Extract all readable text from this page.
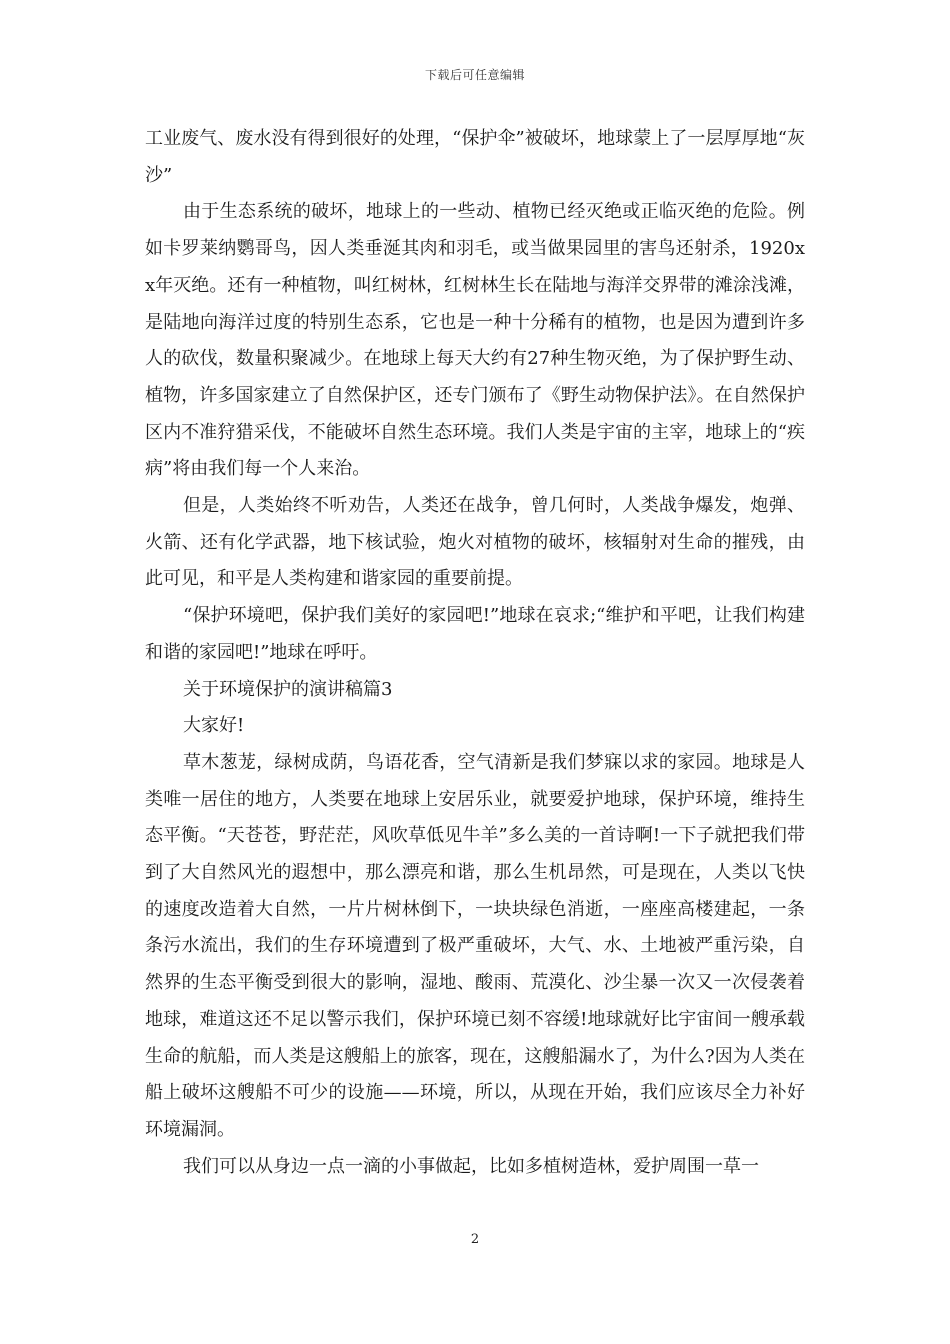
下载后可任意编辑

工业废气、废水没有得到很好的处理，“保护伞”被破坏，地球蒙上了一层厚厚地“灰沙”

由于生态系统的破坏，地球上的一些动、植物已经灭绝或正临灭绝的危险。例如卡罗莱纳鹦哥鸟，因人类垂涎其肉和羽毛，或当做果园里的害鸟还射杀，1920xx年灭绝。还有一种植物，叫红树林，红树林生长在陆地与海洋交界带的滩涂浅滩，是陆地向海洋过度的特别生态系，它也是一种十分稀有的植物，也是因为遭到许多人的砍伐，数量积聚减少。在地球上每天大约有27种生物灭绝，为了保护野生动、植物，许多国家建立了自然保护区，还专门颁布了《野生动物保护法》。在自然保护区内不准狩猎采伐，不能破坏自然生态环境。我们人类是宇宙的主宰，地球上的“疾病”将由我们每一个人来治。

但是，人类始终不听劝告，人类还在战争，曾几何时，人类战争爆发，炮弹、火箭、还有化学武器，地下核试验，炮火对植物的破坏，核辐射对生命的摧残，由此可见，和平是人类构建和谐家园的重要前提。

“保护环境吧，保护我们美好的家园吧!”地球在哀求;“维护和平吧，让我们构建和谐的家园吧!”地球在呼吁。

关于环境保护的演讲稿篇3

大家好!

草木葱茏，绿树成荫，鸟语花香，空气清新是我们梦寐以求的家园。地球是人类唯一居住的地方，人类要在地球上安居乐业，就要爱护地球，保护环境，维持生态平衡。“天苍苍，野茫茫，风吹草低见牛羊”多么美的一首诗啊!一下子就把我们带到了大自然风光的遐想中，那么漂亮和谐，那么生机昂然，可是现在，人类以飞快的速度改造着大自然，一片片树林倒下，一块块绿色消逝，一座座高楼建起，一条条污水流出，我们的生存环境遭到了极严重破坏，大气、水、土地被严重污染，自然界的生态平衡受到很大的影响，湿地、酸雨、荒漠化、沙尘暴一次又一次侵袭着地球，难道这还不足以警示我们，保护环境已刻不容缓!地球就好比宇宙间一艘承载生命的航船，而人类是这艘船上的旅客，现在，这艘船漏水了，为什么?因为人类在船上破坏这艘船不可少的设施——环境，所以，从现在开始，我们应该尽全力补好环境漏洞。

我们可以从身边一点一滴的小事做起，比如多植树造林，爱护周围一草一

2
